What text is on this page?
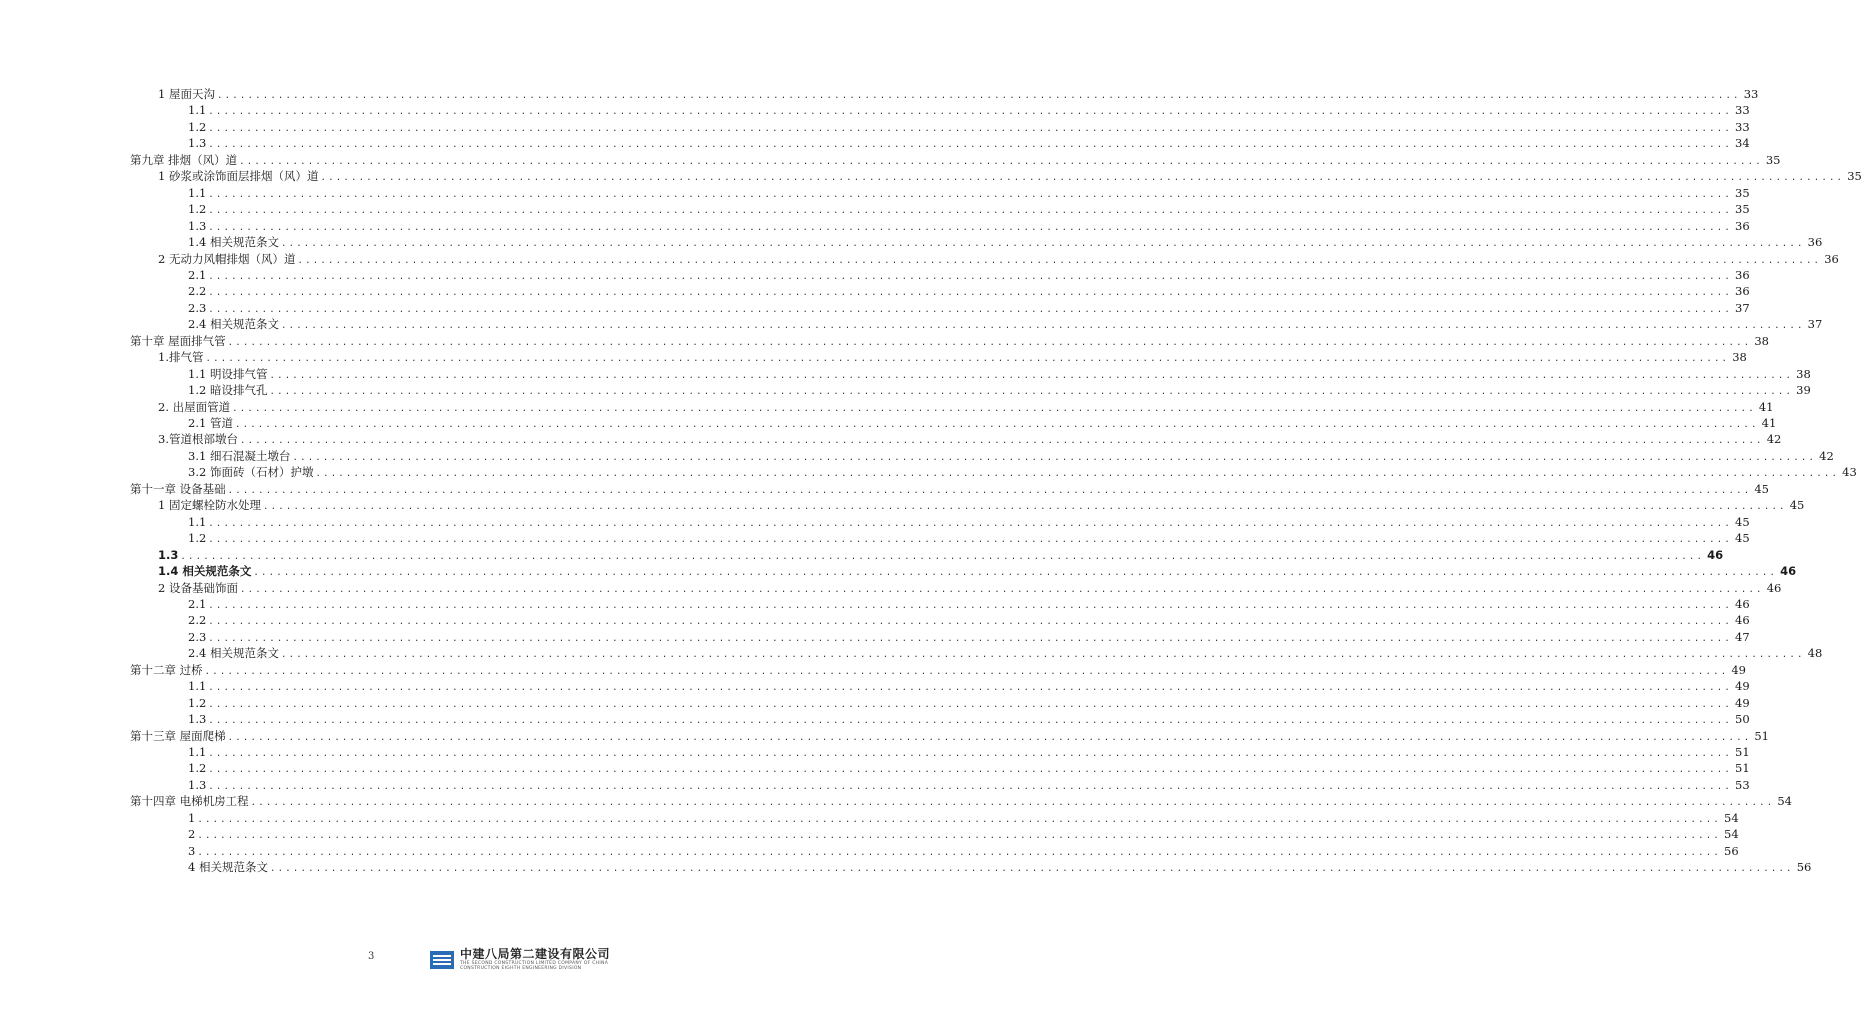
1 屋面天沟 ........................................................................................................................................................................................................ 33
1.1 ........................................................................................................................................................................................................ 33
1.2 ........................................................................................................................................................................................................ 33
1.3 ........................................................................................................................................................................................................ 34
第九章 排烟（风）道 ........................................................................................................................................................................................................ 35
1 砂浆或涂饰面层排烟（风）道 ........................................................................................................................................................................................................ 35
1.1 ........................................................................................................................................................................................................ 35
1.2 ........................................................................................................................................................................................................ 35
1.3 ........................................................................................................................................................................................................ 36
1.4 相关规范条文 ........................................................................................................................................................................................................ 36
2 无动力风帽排烟（风）道 ........................................................................................................................................................................................................ 36
2.1 ........................................................................................................................................................................................................ 36
2.2 ........................................................................................................................................................................................................ 36
2.3 ........................................................................................................................................................................................................ 37
2.4 相关规范条文 ........................................................................................................................................................................................................ 37
第十章 屋面排气管 ........................................................................................................................................................................................................ 38
1.排气管 ........................................................................................................................................................................................................ 38
1.1 明设排气管 ........................................................................................................................................................................................................ 38
1.2 暗设排气孔 ........................................................................................................................................................................................................ 39
2. 出屋面管道 ........................................................................................................................................................................................................ 41
2.1 管道 ........................................................................................................................................................................................................ 41
3.管道根部墩台 ........................................................................................................................................................................................................ 42
3.1 细石混凝土墩台 ........................................................................................................................................................................................................ 42
3.2 饰面砖（石材）护墩 ........................................................................................................................................................................................................ 43
第十一章 设备基础 ........................................................................................................................................................................................................ 45
1 固定螺栓防水处理 ........................................................................................................................................................................................................ 45
1.1 ........................................................................................................................................................................................................ 45
1.2 ........................................................................................................................................................................................................ 45
1.3 ........................................................................................................................................................................................................ 46
1.4 相关规范条文 ........................................................................................................................................................................................................ 46
2 设备基础饰面 ........................................................................................................................................................................................................ 46
2.1 ........................................................................................................................................................................................................ 46
2.2 ........................................................................................................................................................................................................ 46
2.3 ........................................................................................................................................................................................................ 47
2.4 相关规范条文 ........................................................................................................................................................................................................ 48
第十二章 过桥 ........................................................................................................................................................................................................ 49
1.1 ........................................................................................................................................................................................................ 49
1.2 ........................................................................................................................................................................................................ 49
1.3 ........................................................................................................................................................................................................ 50
第十三章 屋面爬梯 ........................................................................................................................................................................................................ 51
1.1 ........................................................................................................................................................................................................ 51
1.2 ........................................................................................................................................................................................................ 51
1.3 ........................................................................................................................................................................................................ 53
第十四章 电梯机房工程 ........................................................................................................................................................................................................ 54
1 ........................................................................................................................................................................................................ 54
2 ........................................................................................................................................................................................................ 54
3 ........................................................................................................................................................................................................ 56
4 相关规范条文 ........................................................................................................................................................................................................ 56
3	中建八局第二建设有限公司
THE SECOND CONSTRUCTION LIMITED COMPANY OF CHINA
CONSTRUCTION EIGHTH ENGINEERING DIVISION
